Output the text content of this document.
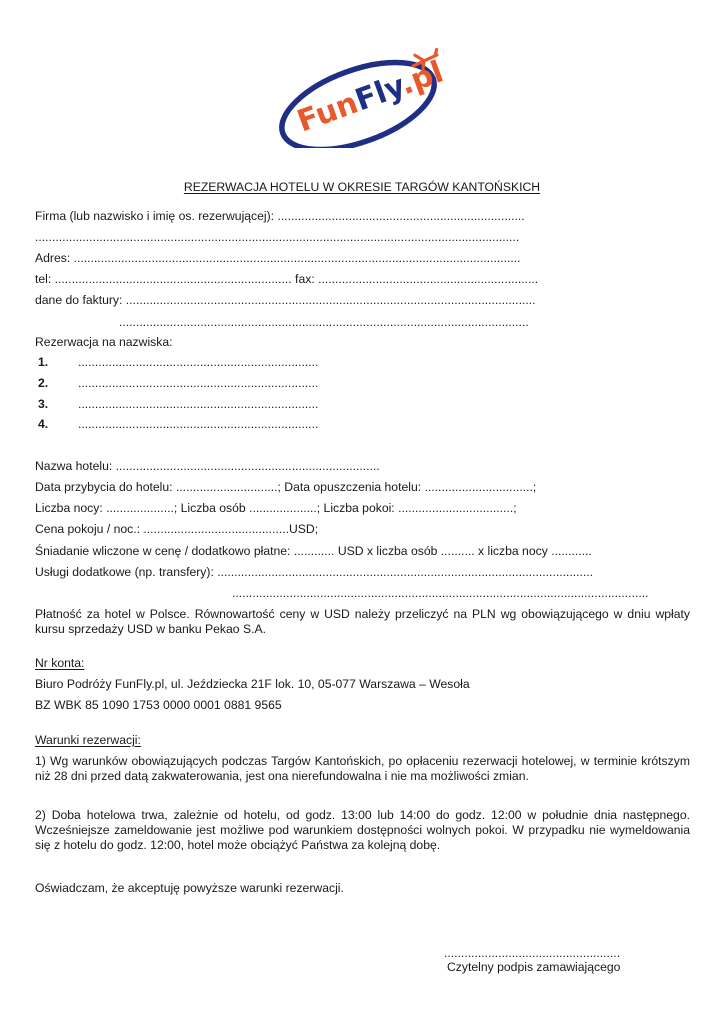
FunFly.pl
REZERWACJA HOTELU W OKRESIE TARGÓW KANTOŃSKICH
Firma (lub nazwisko i imię os. rezerwującej): .........................................................................
...............................................................................................................................................
Adres: ....................................................................................................................................
tel: ...................................................................... fax: .................................................................
dane do faktury: .........................................................................................................................
.........................................................................................................................
Rezerwacja na nazwiska:
1. .......................................................................
2. .......................................................................
3. .......................................................................
4. .......................................................................
Nazwa hotelu: ..............................................................................
Data przybycia do hotelu: ..............................; Data opuszczenia hotelu: ................................;
Liczba nocy: ....................; Liczba osób ....................; Liczba pokoi: ..................................;
Cena pokoju / noc.: ...........................................USD;
Śniadanie wliczone w cenę / dodatkowo płatne: ............ USD x liczba osób .......... x liczba nocy ............
Usługi dodatkowe (np. transfery): ...............................................................................................................
...........................................................................................................................
Płatność za hotel w Polsce. Równowartość ceny w USD należy przeliczyć na PLN wg obowiązującego w dniu wpłaty
kursu sprzedaży USD w banku Pekao S.A.
Nr konta:
Biuro Podróży FunFly.pl, ul. Jeździecka 21F lok. 10, 05-077 Warszawa – Wesoła
BZ WBK 85 1090 1753 0000 0001 0881 9565
Warunki rezerwacji:
1) Wg warunków obowiązujących podczas Targów Kantońskich, po opłaceniu rezerwacji hotelowej, w terminie krótszym
niż 28 dni przed datą zakwaterowania, jest ona nierefundowalna i nie ma możliwości zmian.
2) Doba hotelowa trwa, zależnie od hotelu, od godz. 13:00 lub 14:00 do godz. 12:00 w południe dnia następnego.
Wcześniejsze zameldowanie jest możliwe pod warunkiem dostępności wolnych pokoi. W przypadku nie wymeldowania
się z hotelu do godz. 12:00, hotel może obciążyć Państwa za kolejną dobę.
Oświadczam, że akceptuję powyższe warunki rezerwacji.
....................................................
Czytelny podpis zamawiającego
